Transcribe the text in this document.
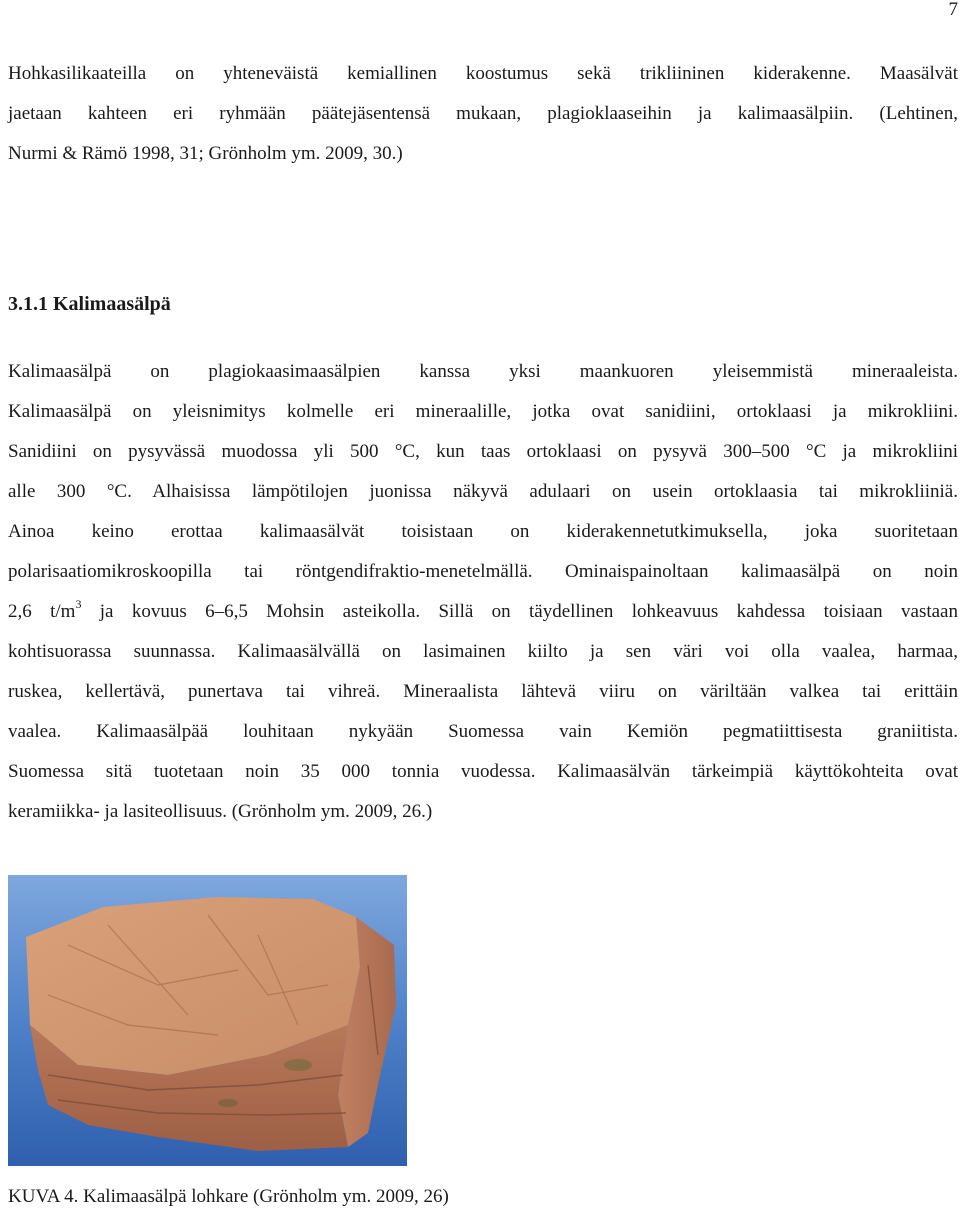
7

Hohkasilikaateilla on yhteneväistä kemiallinen koostumus sekä trikliininen kiderakenne. Maasälvät
jaetaan kahteen eri ryhmään päätejäsentensä mukaan, plagioklaaseihin ja kalimaasälpiin. (Lehtinen,
Nurmi & Rämö 1998, 31; Grönholm ym. 2009, 30.)

3.1.1 Kalimaasälpä

Kalimaasälpä on plagiokaasimaasälpien kanssa yksi maankuoren yleisemmistä mineraaleista.
Kalimaasälpä on yleisnimitys kolmelle eri mineraalille, jotka ovat sanidiini, ortoklaasi ja mikrokliini.
Sanidiini on pysyvässä muodossa yli 500 °C, kun taas ortoklaasi on pysyvä 300–500 °C ja mikrokliini
alle 300 °C. Alhaisissa lämpötilojen juonissa näkyvä adulaari on usein ortoklaasia tai mikrokliiniä.
Ainoa keino erottaa kalimaasälvät toisistaan on kiderakennetutkimuksella, joka suoritetaan
polarisaatiomikroskoopilla tai röntgendifraktio-menetelmällä. Ominaispainoltaan kalimaasälpä on noin
2,6 $t/m^3$ ja kovuus 6–6,5 Mohsin asteikolla. Sillä on täydellinen lohkeavuus kahdessa toisiaan vastaan
kohtisuorassa suunnassa. Kalimaasälvällä on lasimainen kiilto ja sen väri voi olla vaalea, harmaa,
ruskea, kellertävä, punertava tai vihreä. Mineraalista lähtevä viiru on väriltään valkea tai erittäin
vaalea. Kalimaasälpää louhitaan nykyään Suomessa vain Kemiön pegmatiittisesta graniitista.
Suomessa sitä tuotetaan noin 35 000 tonnia vuodessa. Kalimaasälvän tärkeimpiä käyttökohteita ovat
keramiikka- ja lasiteollisuus. (Grönholm ym. 2009, 26.)

KUVA 4. Kalimaasälpä lohkare (Grönholm ym. 2009, 26)
